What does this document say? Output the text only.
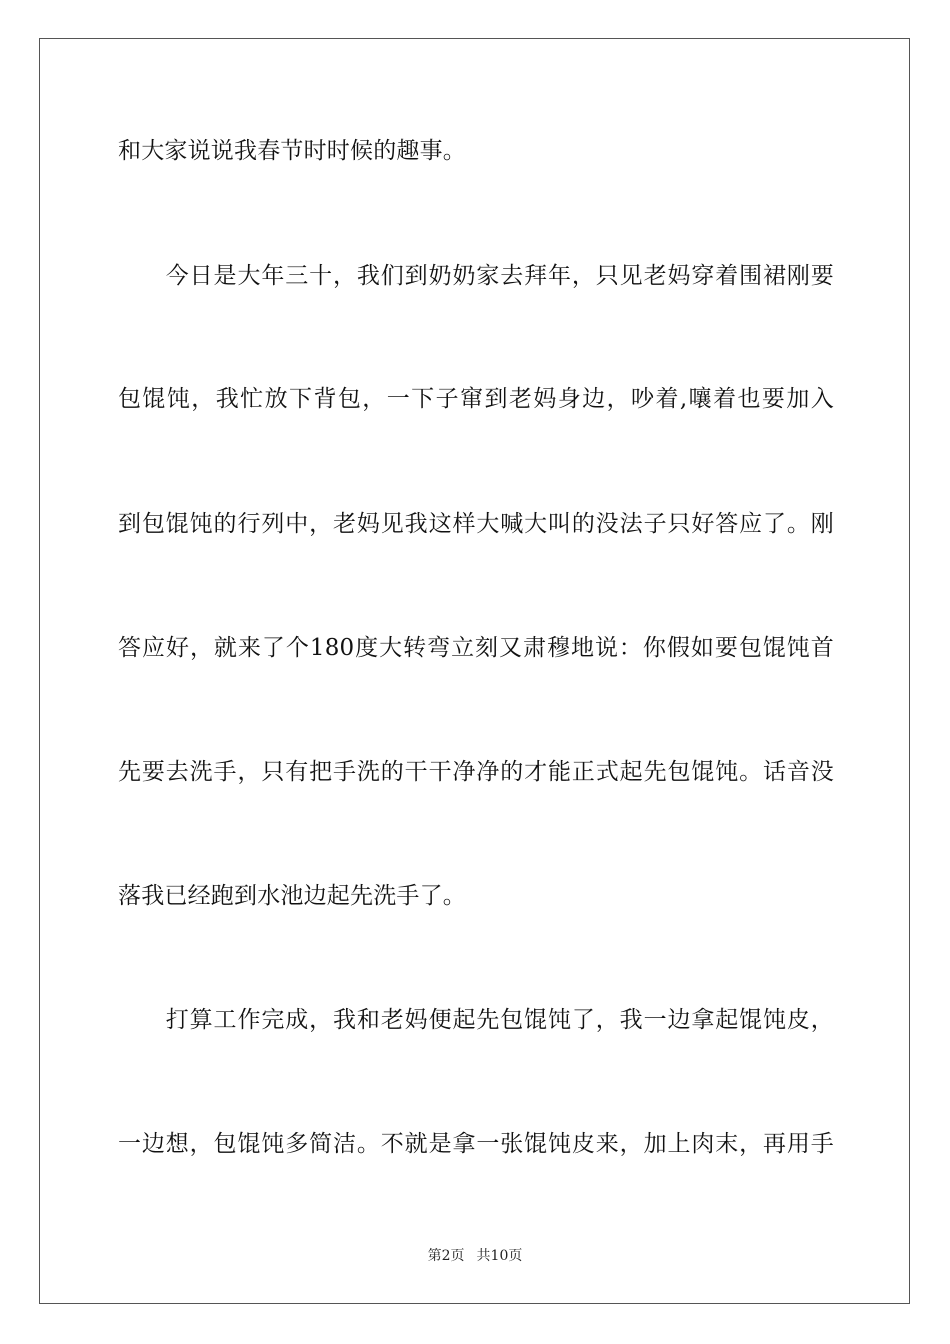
和大家说说我春节时时候的趣事。
　　今日是大年三十，我们到奶奶家去拜年，只见老妈穿着围裙刚要
包馄饨，我忙放下背包，一下子窜到老妈身边，吵着,嚷着也要加入
到包馄饨的行列中，老妈见我这样大喊大叫的没法子只好答应了。刚
答应好，就来了个180度大转弯立刻又肃穆地说：你假如要包馄饨首
先要去洗手，只有把手洗的干干净净的才能正式起先包馄饨。话音没
落我已经跑到水池边起先洗手了。
　　打算工作完成，我和老妈便起先包馄饨了，我一边拿起馄饨皮，
一边想，包馄饨多简洁。不就是拿一张馄饨皮来，加上肉末，再用手
第2页 共10页
